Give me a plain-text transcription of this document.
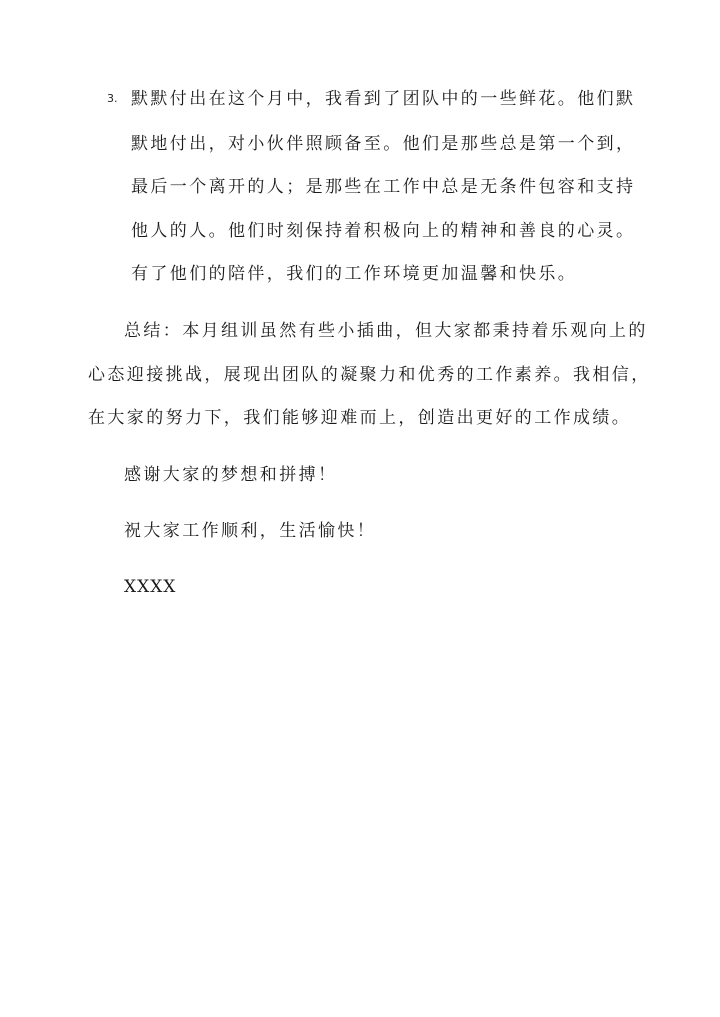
3. 默默付出在这个月中，我看到了团队中的一些鲜花。他们默
默地付出，对小伙伴照顾备至。他们是那些总是第一个到，
最后一个离开的人；是那些在工作中总是无条件包容和支持
他人的人。他们时刻保持着积极向上的精神和善良的心灵。
有了他们的陪伴，我们的工作环境更加温馨和快乐。
总结：本月组训虽然有些小插曲，但大家都秉持着乐观向上的
心态迎接挑战，展现出团队的凝聚力和优秀的工作素养。我相信，
在大家的努力下，我们能够迎难而上，创造出更好的工作成绩。
感谢大家的梦想和拼搏！
祝大家工作顺利，生活愉快！
XXXX
